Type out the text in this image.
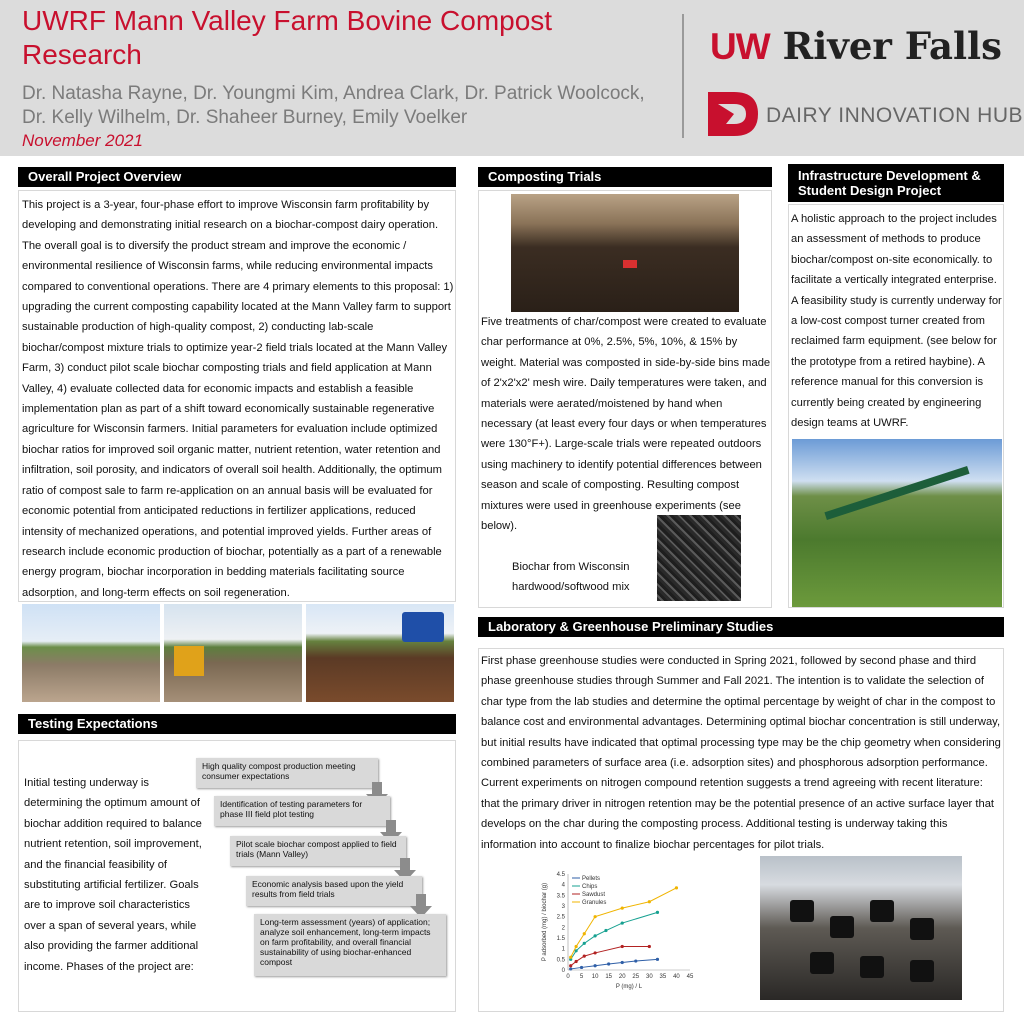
UWRF Mann Valley Farm Bovine Compost Research
Dr. Natasha Rayne, Dr. Youngmi Kim, Andrea Clark, Dr. Patrick Woolcock, Dr. Kelly Wilhelm, Dr. Shaheer Burney, Emily Voelker
November 2021
UW River Falls
DAIRY INNOVATION HUB
Overall Project Overview
This project is a 3-year, four-phase effort to improve Wisconsin farm profitability by developing and demonstrating initial research on a biochar-compost dairy operation. The overall goal is to diversify the product stream and improve the economic / environmental resilience of Wisconsin farms, while reducing environmental impacts compared to conventional operations. There are 4 primary elements to this proposal: 1) upgrading the current composting capability located at the Mann Valley farm to support sustainable production of high-quality compost, 2) conducting lab-scale biochar/compost mixture trials to optimize year-2 field trials located at the Mann Valley Farm, 3) conduct pilot scale biochar composting trials and field application at Mann Valley, 4) evaluate collected data for economic impacts and establish a feasible implementation plan as part of a shift toward economically sustainable regenerative agriculture for Wisconsin farmers. Initial parameters for evaluation include optimized biochar ratios for improved soil organic matter, nutrient retention, water retention and infiltration, soil porosity, and indicators of overall soil health. Additionally, the optimum ratio of compost sale to farm re-application on an annual basis will be evaluated for economic potential from anticipated reductions in fertilizer applications, reduced intensity of mechanized operations, and potential improved yields. Further areas of research include economic production of biochar, potentially as a part of a renewable energy program, biochar incorporation in bedding materials facilitating source adsorption, and long-term effects on soil regeneration.
Testing Expectations
Initial testing underway is determining the optimum amount of biochar addition required to balance nutrient retention, soil improvement, and the financial feasibility of substituting artificial fertilizer. Goals are to improve soil characteristics over a span of several years, while also providing the farmer additional income. Phases of the project are:
High quality compost production meeting consumer expectations
Identification of testing parameters for phase III field plot testing
Pilot scale biochar compost applied to field trials (Mann Valley)
Economic analysis based upon the yield results from field trials
Long-term assessment (years) of application; analyze soil enhancement, long-term impacts on farm profitability, and overall financial sustainability of using biochar-enhanced compost
Composting Trials
Five treatments of char/compost were created to evaluate char performance at 0%, 2.5%, 5%, 10%, & 15% by weight. Material was composted in side-by-side bins made of 2'x2'x2' mesh wire. Daily temperatures were taken, and materials were aerated/moistened by hand when necessary (at least every four days or when temperatures were 130°F+). Large-scale trials were repeated outdoors using machinery to identify potential differences between season and scale of composting. Resulting compost mixtures were used in greenhouse experiments (see below).
Biochar from Wisconsin
hardwood/softwood mix
Infrastructure Development & Student Design Project
A holistic approach to the project includes an assessment of methods to produce biochar/compost on-site economically. to facilitate a vertically integrated enterprise. A feasibility study is currently underway for a low-cost compost turner created from reclaimed farm equipment. (see below for the prototype from a retired haybine). A reference manual for this conversion is currently being created by engineering design teams at UWRF.
Laboratory & Greenhouse Preliminary Studies
First phase greenhouse studies were conducted in Spring 2021, followed by second phase and third phase greenhouse studies through Summer and Fall 2021. The intention is to validate the selection of char type from the lab studies and determine the optimal percentage by weight of char in the compost to balance cost and environmental advantages. Determining optimal biochar concentration is still underway, but initial results have indicated that optimal processing type may be the chip geometry when considering combined parameters of surface area (i.e. adsorption sites) and phosphorous adsorption performance. Current experiments on nitrogen compound retention suggests a trend agreeing with recent literature: that the primary driver in nitrogen retention may be the potential presence of an active surface layer that develops on the char during the composting process. Additional testing is underway taking this information into account to finalize biochar percentages for pilot trials.
0 5 10 15 20 25 30 35 40 45
0
0.5
1
1.5
2
2.5
3
3.5
4
4.5
P (mg) / L
P adsorbed (mg) / biochar (g)
Pellets
Chips
Sawdust
Granules
